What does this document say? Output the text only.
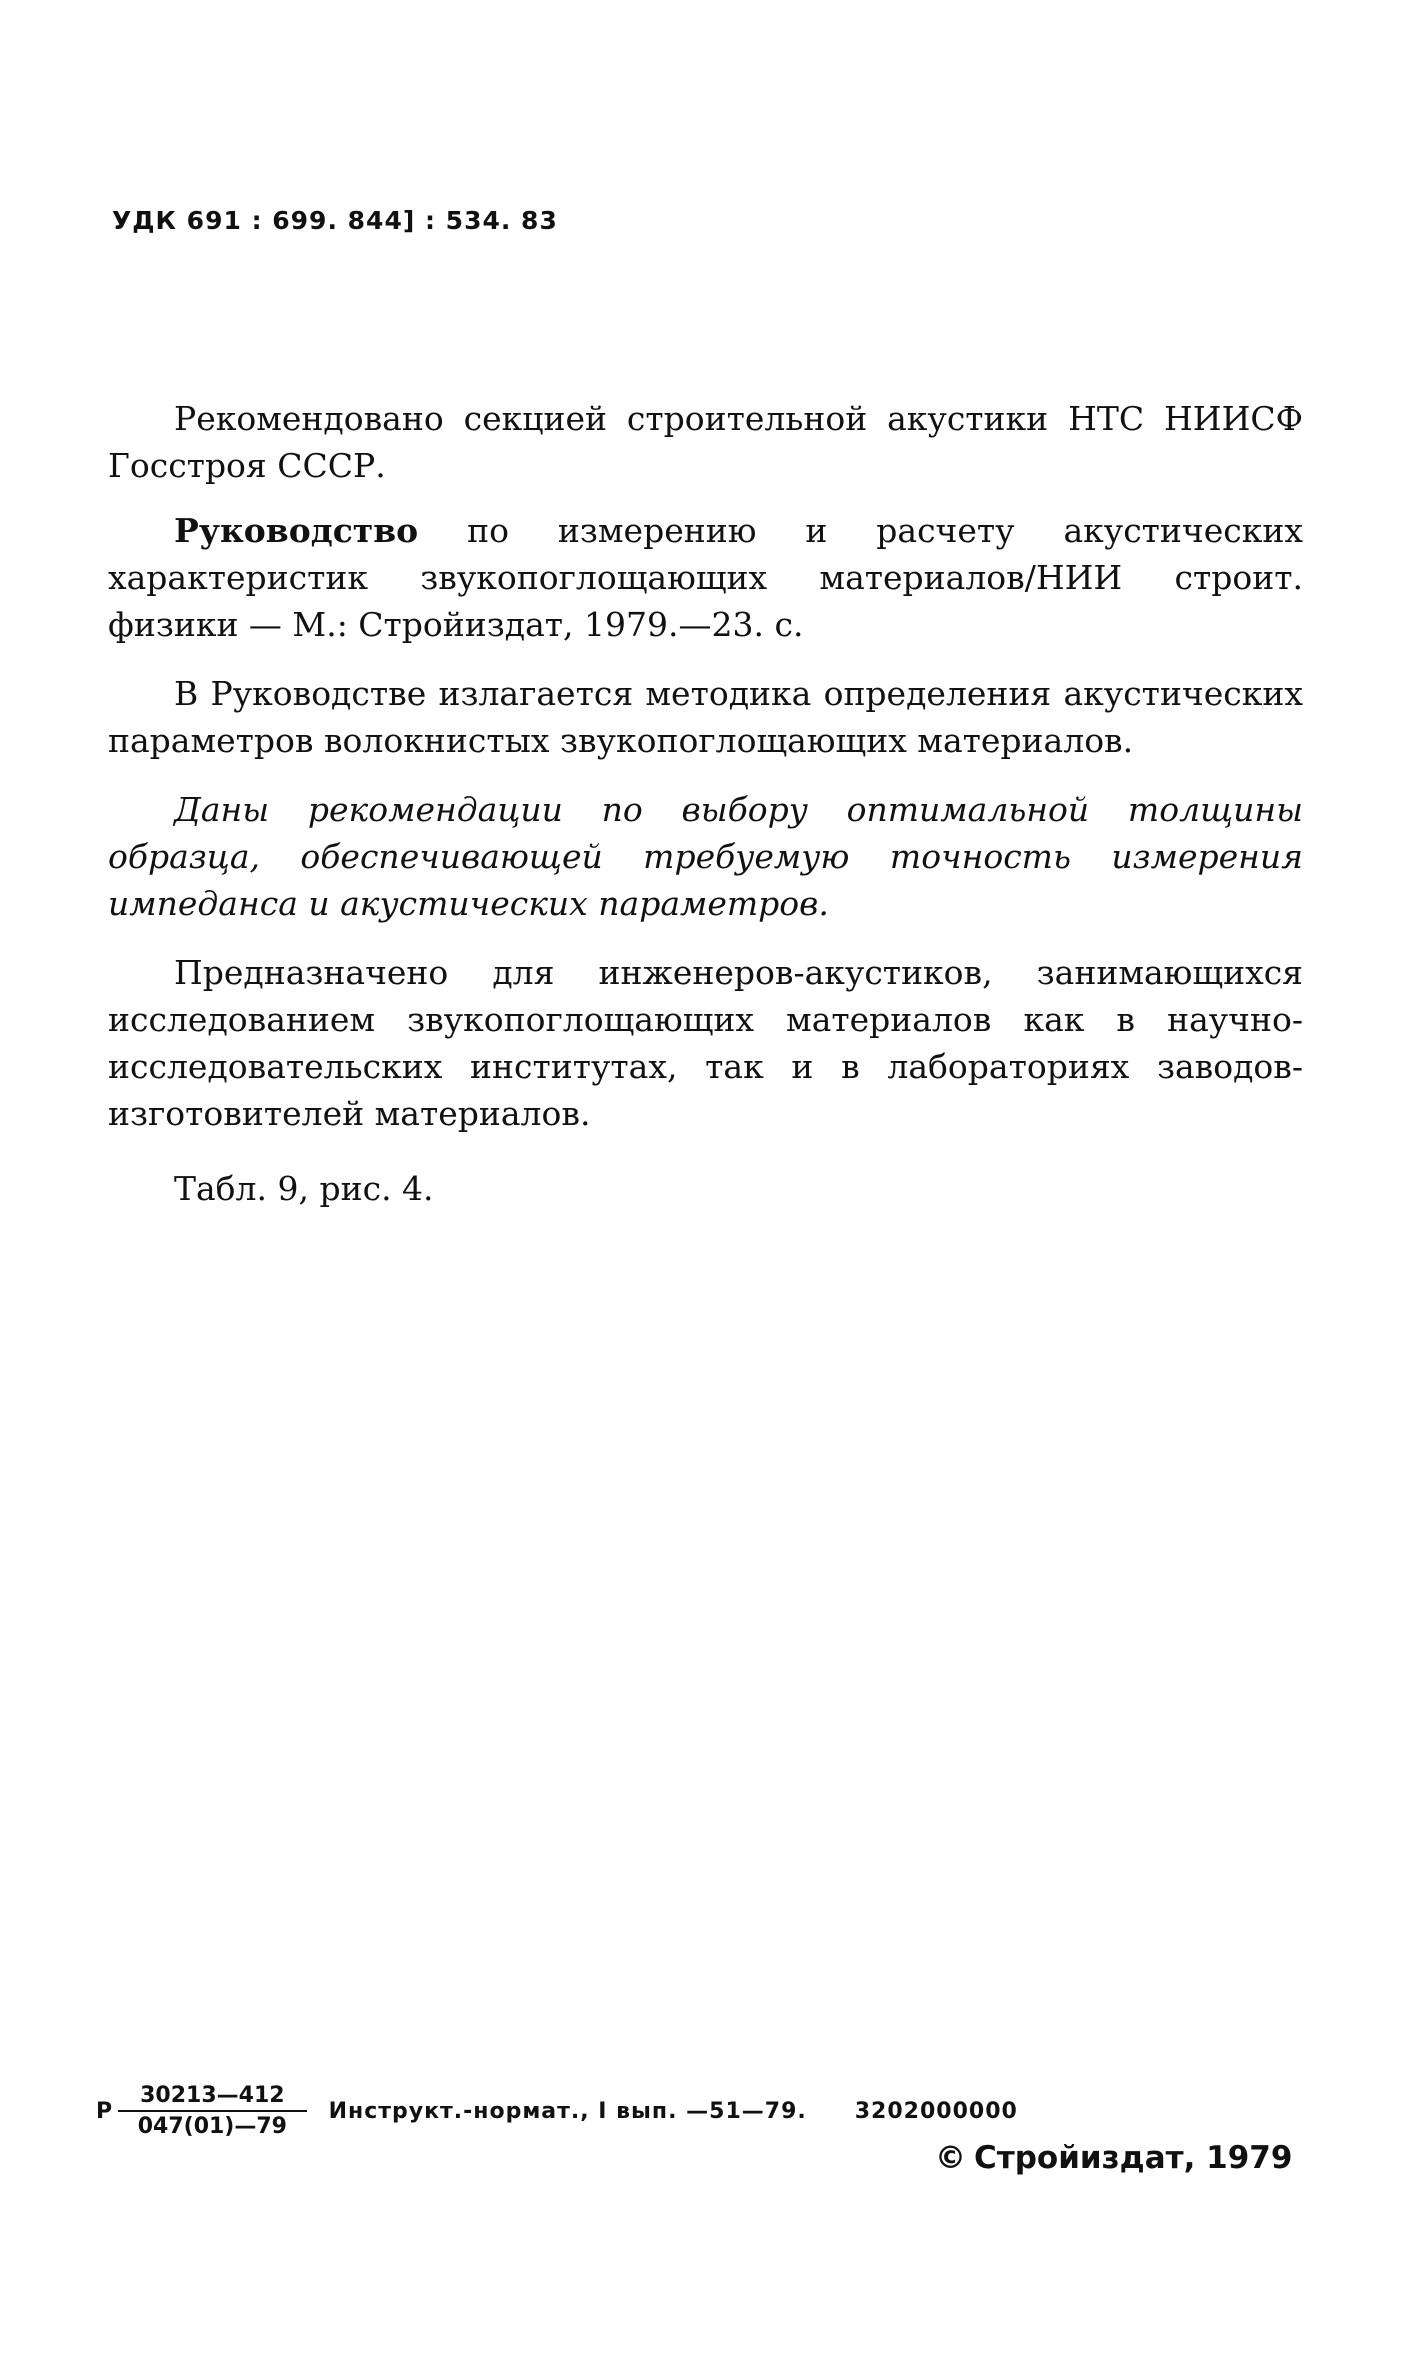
УДК 691 : 699. 844] : 534. 83

Рекомендовано секцией строительной акустики НТС НИИСФ Госстроя СССР.

Руководство по измерению и расчету акустических характеристик звукопоглощающих материалов/НИИ строит. физики — М.: Стройиздат, 1979.—23. с.

В Руководстве излагается методика определения акустических параметров волокнистых звукопоглощающих материалов.

Даны рекомендации по выбору оптимальной толщины образца, обеспечивающей требуемую точность измерения импеданса и акустических параметров.

Предназначено для инженеров-акустиков, занимающихся исследованием звукопоглощающих материалов как в научно-исследовательских институтах, так и в лабораториях заводов-изготовителей материалов.

Табл. 9, рис. 4.

Р $\frac{30213—412}{047(01)—79}$ Инструкт.-нормат., I вып. —51—79. 3202000000
© Стройиздат, 1979
